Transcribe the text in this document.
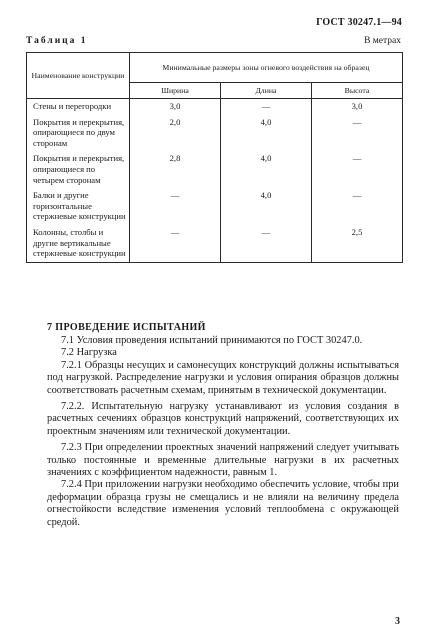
ГОСТ 30247.1—94
Таблица 1	В метрах
Наименование конструкции	Минимальные размеры зоны огневого воздействия на образец		
	Ширина	Длина	Высота
Стены и перегородки	3,0	—	3,0
Покрытия и перекрытия, опирающиеся по двум сторонам	2,0	4,0	—
Покрытия и перекрытия, опирающиеся по четырем сторонам	2,8	4,0	—
Балки и другие горизонтальные стержневые конструкции	—	4,0	—
Колонны, столбы и другие вертикальные стержневые конструкции	—	—	2,5
7 ПРОВЕДЕНИЕ ИСПЫТАНИЙ

7.1 Условия проведения испытаний принимаются по ГОСТ 30247.0.

7.2 Нагрузка

7.2.1 Образцы несущих и самонесущих конструкций должны испытываться под нагрузкой. Распределение нагрузки и условия опирания образцов должны соответствовать расчетным схемам, принятым в технической документации.

7.2.2. Испытательную нагрузку устанавливают из условия создания в расчетных сечениях образцов конструкций напряжений, соответствующих их проектным значениям или технической документации.

7.2.3 При определении проектных значений напряжений следует учитывать только постоянные и временные длительные нагрузки в их расчетных значениях с коэффициентом надежности, равным 1.

7.2.4 При приложении нагрузки необходимо обеспечить условие, чтобы при деформации образца грузы не смещались и не влияли на величину предела огнестойкости вследствие изменения условий теплообмена с окружающей средой.

3
